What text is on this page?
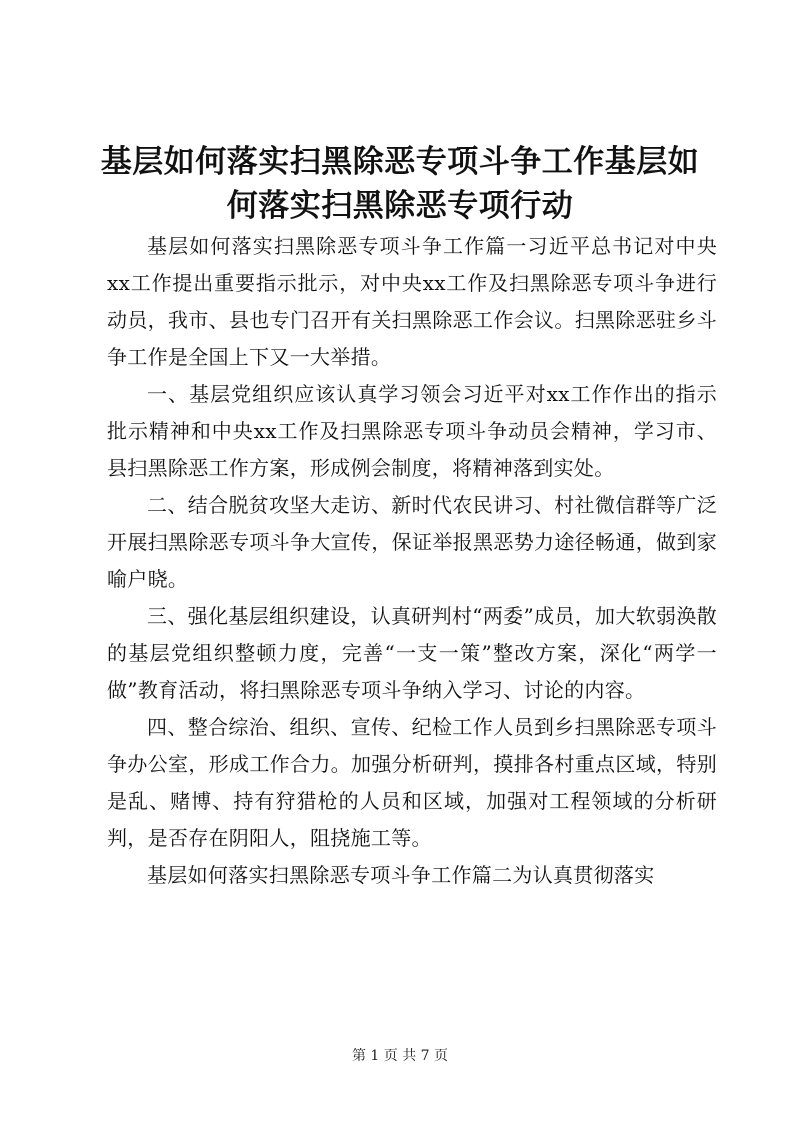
基层如何落实扫黑除恶专项斗争工作基层如何落实扫黑除恶专项行动

基层如何落实扫黑除恶专项斗争工作篇一习近平总书记对中央xx工作提出重要指示批示，对中央xx工作及扫黑除恶专项斗争进行动员，我市、县也专门召开有关扫黑除恶工作会议。扫黑除恶驻乡斗争工作是全国上下又一大举措。

一、基层党组织应该认真学习领会习近平对xx工作作出的指示批示精神和中央xx工作及扫黑除恶专项斗争动员会精神，学习市、县扫黑除恶工作方案，形成例会制度，将精神落到实处。

二、结合脱贫攻坚大走访、新时代农民讲习、村社微信群等广泛开展扫黑除恶专项斗争大宣传，保证举报黑恶势力途径畅通，做到家喻户晓。

三、强化基层组织建设，认真研判村“两委”成员，加大软弱涣散的基层党组织整顿力度，完善“一支一策”整改方案，深化“两学一做”教育活动，将扫黑除恶专项斗争纳入学习、讨论的内容。

四、整合综治、组织、宣传、纪检工作人员到乡扫黑除恶专项斗争办公室，形成工作合力。加强分析研判，摸排各村重点区域，特别是乱、赌博、持有狩猎枪的人员和区域，加强对工程领域的分析研判，是否存在阴阳人，阻挠施工等。

基层如何落实扫黑除恶专项斗争工作篇二为认真贯彻落实

第 1 页 共 7 页
